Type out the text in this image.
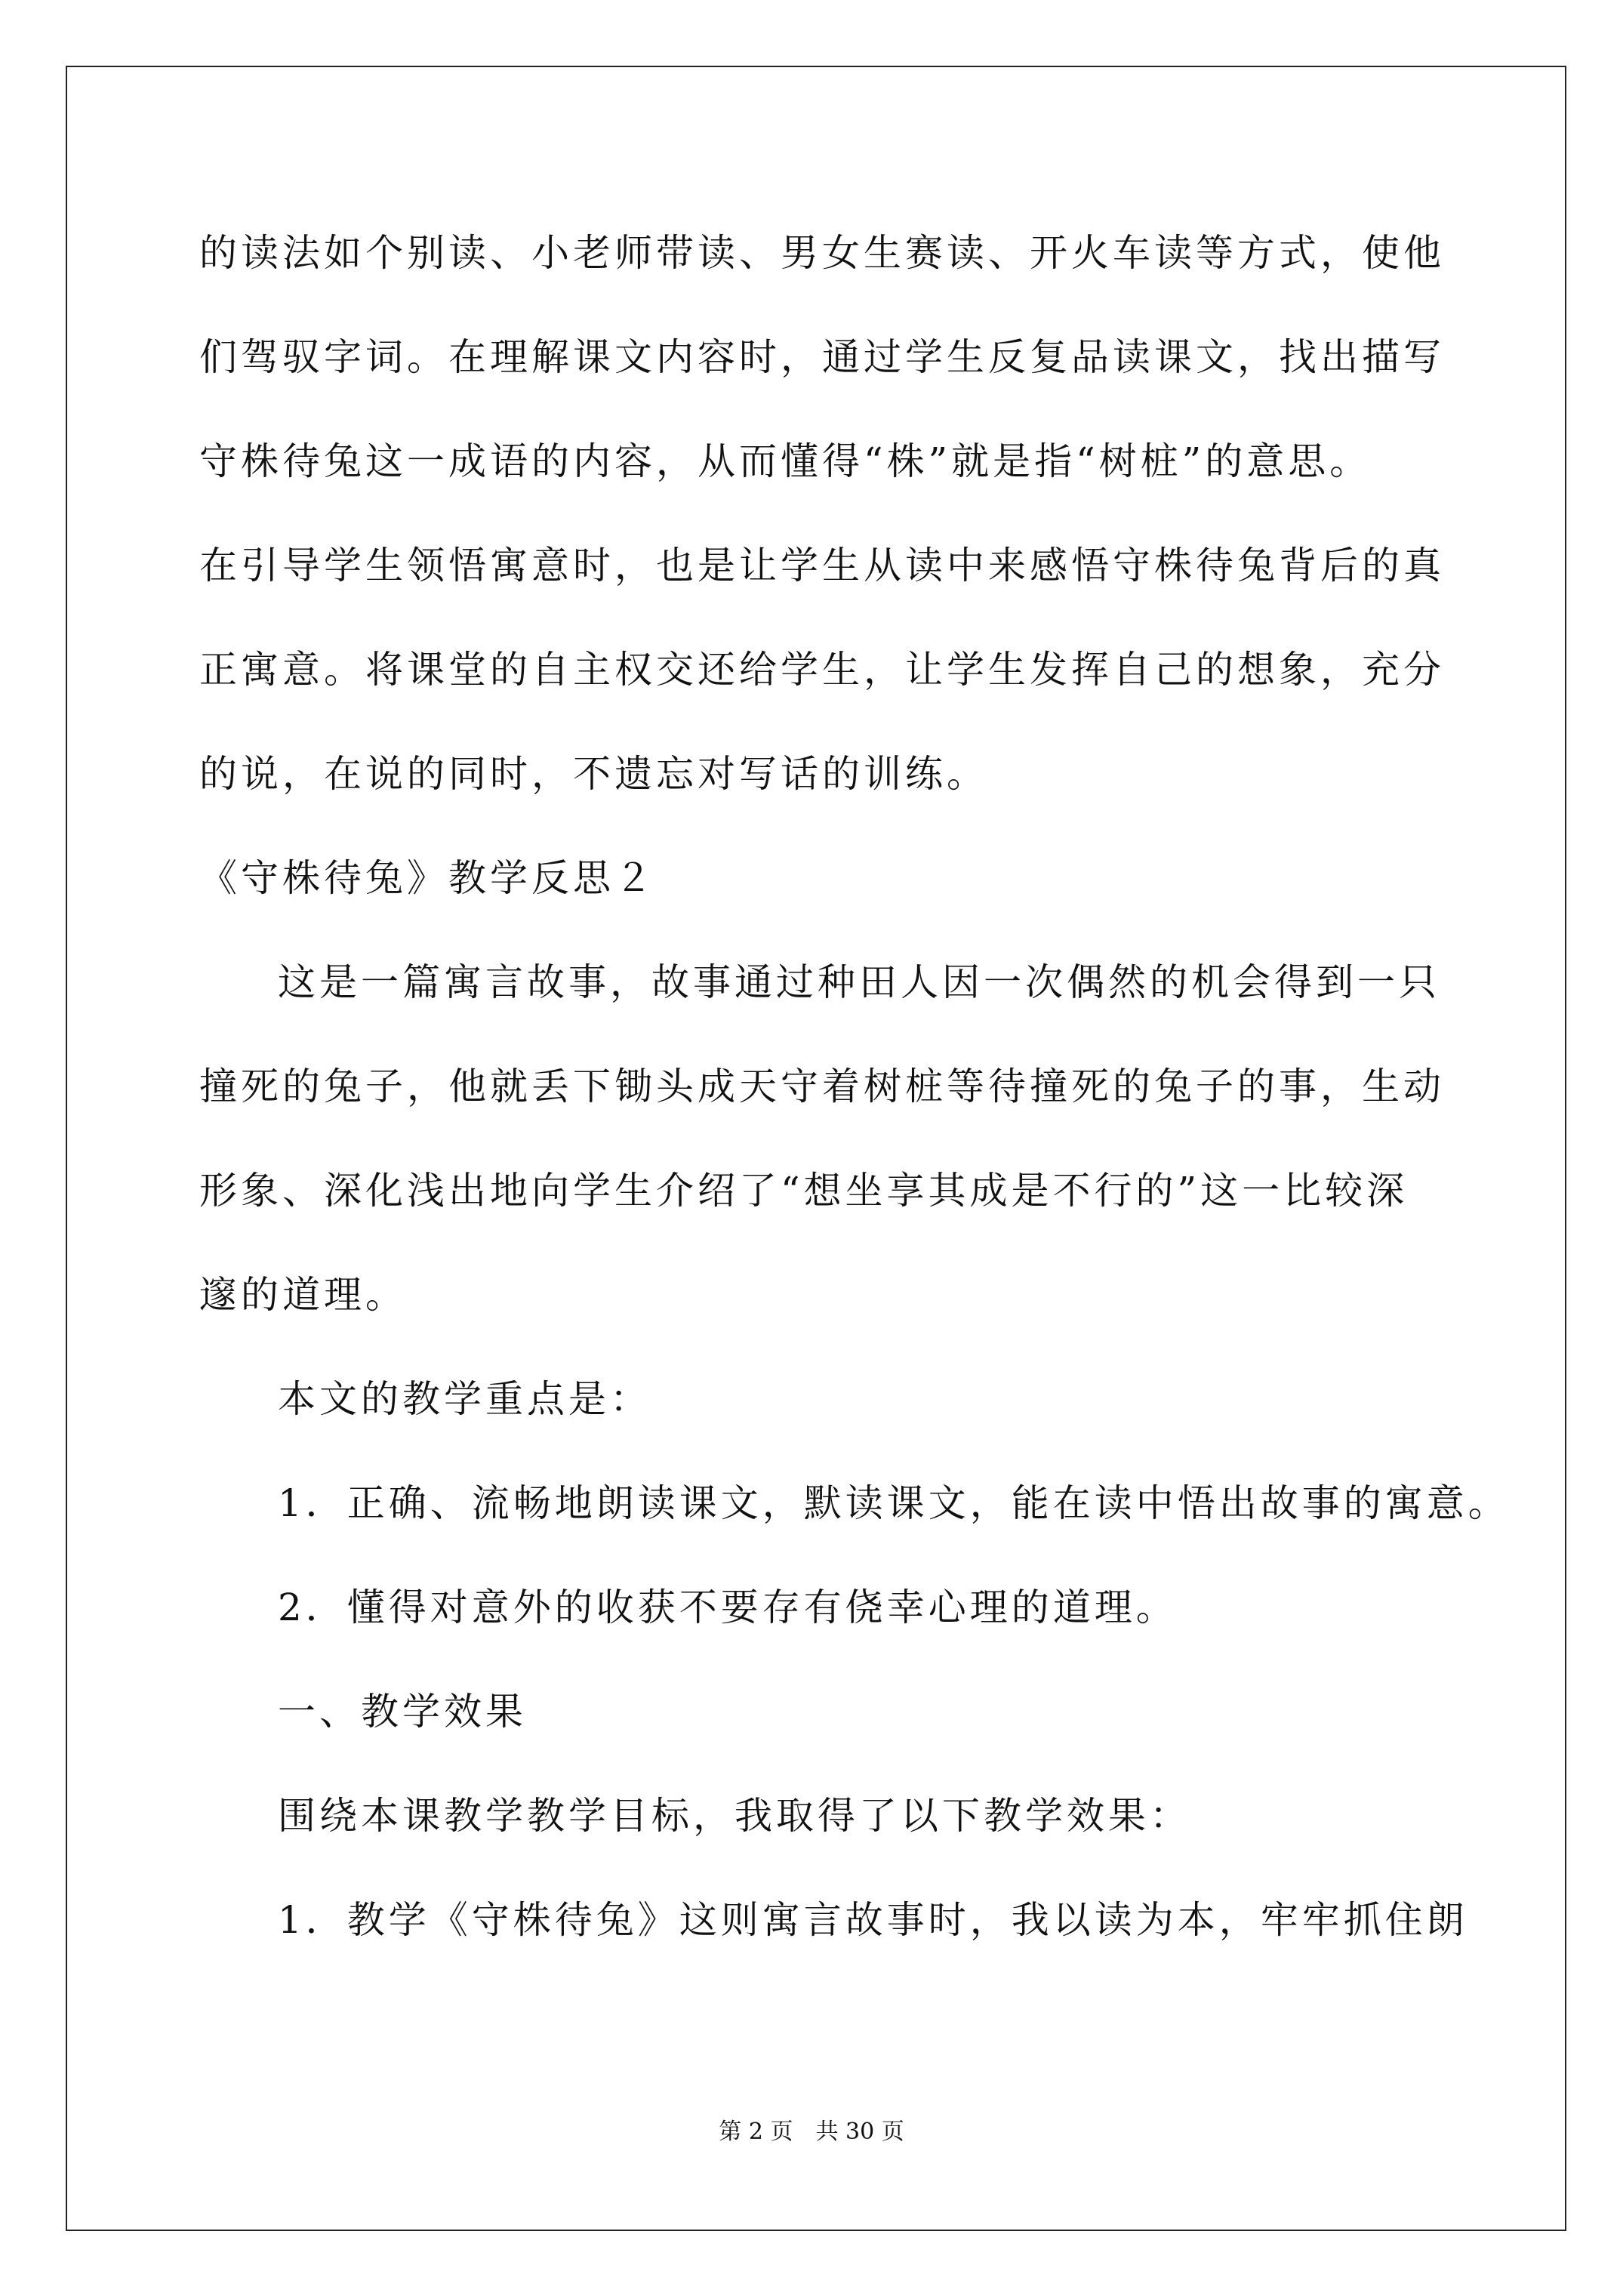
的读法如个别读、小老师带读、男女生赛读、开火车读等方式，使他
们驾驭字词。在理解课文内容时，通过学生反复品读课文，找出描写
守株待兔这一成语的内容，从而懂得“株”就是指“树桩”的意思。
在引导学生领悟寓意时，也是让学生从读中来感悟守株待兔背后的真
正寓意。将课堂的自主权交还给学生，让学生发挥自己的想象，充分
的说，在说的同时，不遗忘对写话的训练。
《守株待兔》教学反思２
这是一篇寓言故事，故事通过种田人因一次偶然的机会得到一只
撞死的兔子，他就丢下锄头成天守着树桩等待撞死的兔子的事，生动
形象、深化浅出地向学生介绍了“想坐享其成是不行的”这一比较深
邃的道理。
本文的教学重点是：
1．正确、流畅地朗读课文，默读课文，能在读中悟出故事的寓意。
2．懂得对意外的收获不要存有侥幸心理的道理。
一、教学效果
围绕本课教学教学目标，我取得了以下教学效果：
1．教学《守株待兔》这则寓言故事时，我以读为本，牢牢抓住朗
第 2 页　共 30 页
